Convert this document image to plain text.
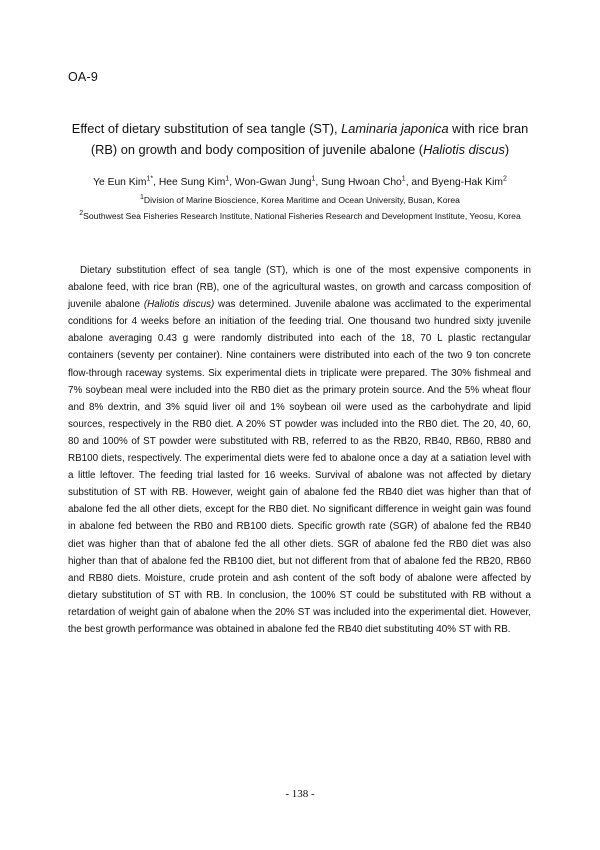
OA-9
Effect of dietary substitution of sea tangle (ST), Laminaria japonica with rice bran (RB) on growth and body composition of juvenile abalone (Haliotis discus)
Ye Eun Kim$^{1*}$, Hee Sung Kim$^1$, Won-Gwan Jung$^1$, Sung Hwoan Cho$^1$, and Byeng-Hak Kim$^2$
$^1$Division of Marine Bioscience, Korea Maritime and Ocean University, Busan, Korea
$^2$Southwest Sea Fisheries Research Institute, National Fisheries Research and Development Institute, Yeosu, Korea
Dietary substitution effect of sea tangle (ST), which is one of the most expensive components in abalone feed, with rice bran (RB), one of the agricultural wastes, on growth and carcass composition of juvenile abalone (Haliotis discus) was determined. Juvenile abalone was acclimated to the experimental conditions for 4 weeks before an initiation of the feeding trial. One thousand two hundred sixty juvenile abalone averaging 0.43 g were randomly distributed into each of the 18, 70 L plastic rectangular containers (seventy per container). Nine containers were distributed into each of the two 9 ton concrete flow-through raceway systems. Six experimental diets in triplicate were prepared. The 30% fishmeal and 7% soybean meal were included into the RB0 diet as the primary protein source. And the 5% wheat flour and 8% dextrin, and 3% squid liver oil and 1% soybean oil were used as the carbohydrate and lipid sources, respectively in the RB0 diet. A 20% ST powder was included into the RB0 diet. The 20, 40, 60, 80 and 100% of ST powder were substituted with RB, referred to as the RB20, RB40, RB60, RB80 and RB100 diets, respectively. The experimental diets were fed to abalone once a day at a satiation level with a little leftover. The feeding trial lasted for 16 weeks. Survival of abalone was not affected by dietary substitution of ST with RB. However, weight gain of abalone fed the RB40 diet was higher than that of abalone fed the all other diets, except for the RB0 diet. No significant difference in weight gain was found in abalone fed between the RB0 and RB100 diets. Specific growth rate (SGR) of abalone fed the RB40 diet was higher than that of abalone fed the all other diets. SGR of abalone fed the RB0 diet was also higher than that of abalone fed the RB100 diet, but not different from that of abalone fed the RB20, RB60 and RB80 diets. Moisture, crude protein and ash content of the soft body of abalone were affected by dietary substitution of ST with RB. In conclusion, the 100% ST could be substituted with RB without a retardation of weight gain of abalone when the 20% ST was included into the experimental diet. However, the best growth performance was obtained in abalone fed the RB40 diet substituting 40% ST with RB.
- 138 -
